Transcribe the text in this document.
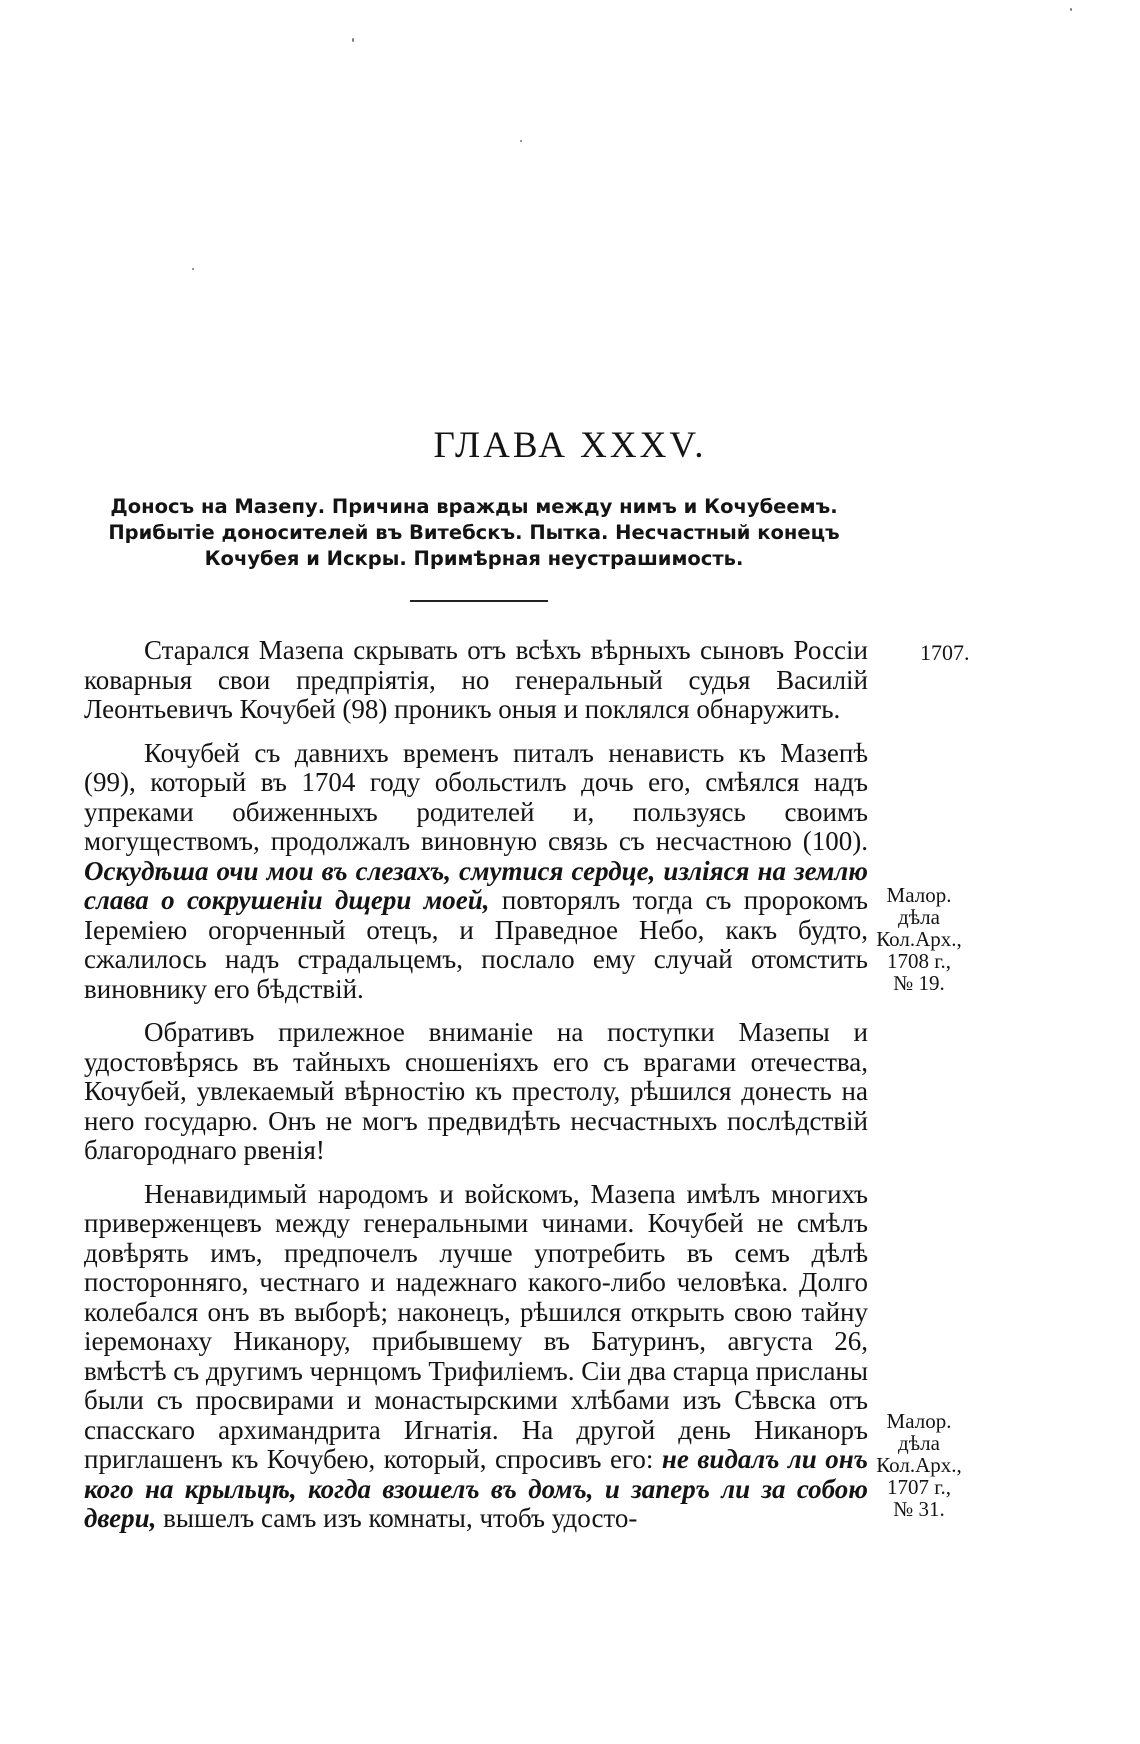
ГЛАВА XXXV.

Доносъ на Мазепу. Причина вражды между нимъ и Кочубеемъ. Прибытіе доносителей въ Витебскъ. Пытка. Несчастный конецъ Кочубея и Искры. Примѣрная неустрашимость.

1707.
Малор.
дѣла
Кол.Арх.,
1708 г.,
№ 19.
Малор.
дѣла
Кол.Арх.,
1707 г.,
№ 31.

Старался Мазепа скрывать отъ всѣхъ вѣрныхъ сыновъ Россіи коварныя свои предпріятія, но генеральный судья Василій Леонтьевичъ Кочубей (98) проникъ оныя и поклялся обнаружить.

Кочубей съ давнихъ временъ питалъ ненависть къ Мазепѣ (99), который въ 1704 году обольстилъ дочь его, смѣялся надъ упреками обиженныхъ родителей и, пользуясь своимъ могуществомъ, продолжалъ виновную связь съ несчастною (100). Оскудѣша очи мои въ слезахъ, смутися сердце, изліяся на землю слава о сокрушеніи дщери моей, повторялъ тогда съ пророкомъ Іереміею огорченный отецъ, и Праведное Небо, какъ будто, сжалилось надъ страдальцемъ, послало ему случай отомстить виновнику его бѣдствій.

Обративъ прилежное вниманіе на поступки Мазепы и удостовѣрясь въ тайныхъ сношеніяхъ его съ врагами отечества, Кочубей, увлекаемый вѣрностію къ престолу, рѣшился донесть на него государю. Онъ не могъ предвидѣть несчастныхъ послѣдствій благороднаго рвенія!

Ненавидимый народомъ и войскомъ, Мазепа имѣлъ многихъ приверженцевъ между генеральными чинами. Кочубей не смѣлъ довѣрять имъ, предпочелъ лучше употребить въ семъ дѣлѣ посторонняго, честнаго и надежнаго какого-либо человѣка. Долго колебался онъ въ выборѣ; наконецъ, рѣшился открыть свою тайну іеремонаху Никанору, прибывшему въ Батуринъ, августа 26, вмѣстѣ съ другимъ чернцомъ Трифиліемъ. Сіи два старца присланы были съ просвирами и монастырскими хлѣбами изъ Сѣвска отъ спасскаго архимандрита Игнатія. На другой день Никаноръ приглашенъ къ Кочубею, который, спросивъ его: не видалъ ли онъ кого на крыльцѣ, когда взошелъ въ домъ, и заперъ ли за собою двери, вышелъ самъ изъ комнаты, чтобъ удосто-
